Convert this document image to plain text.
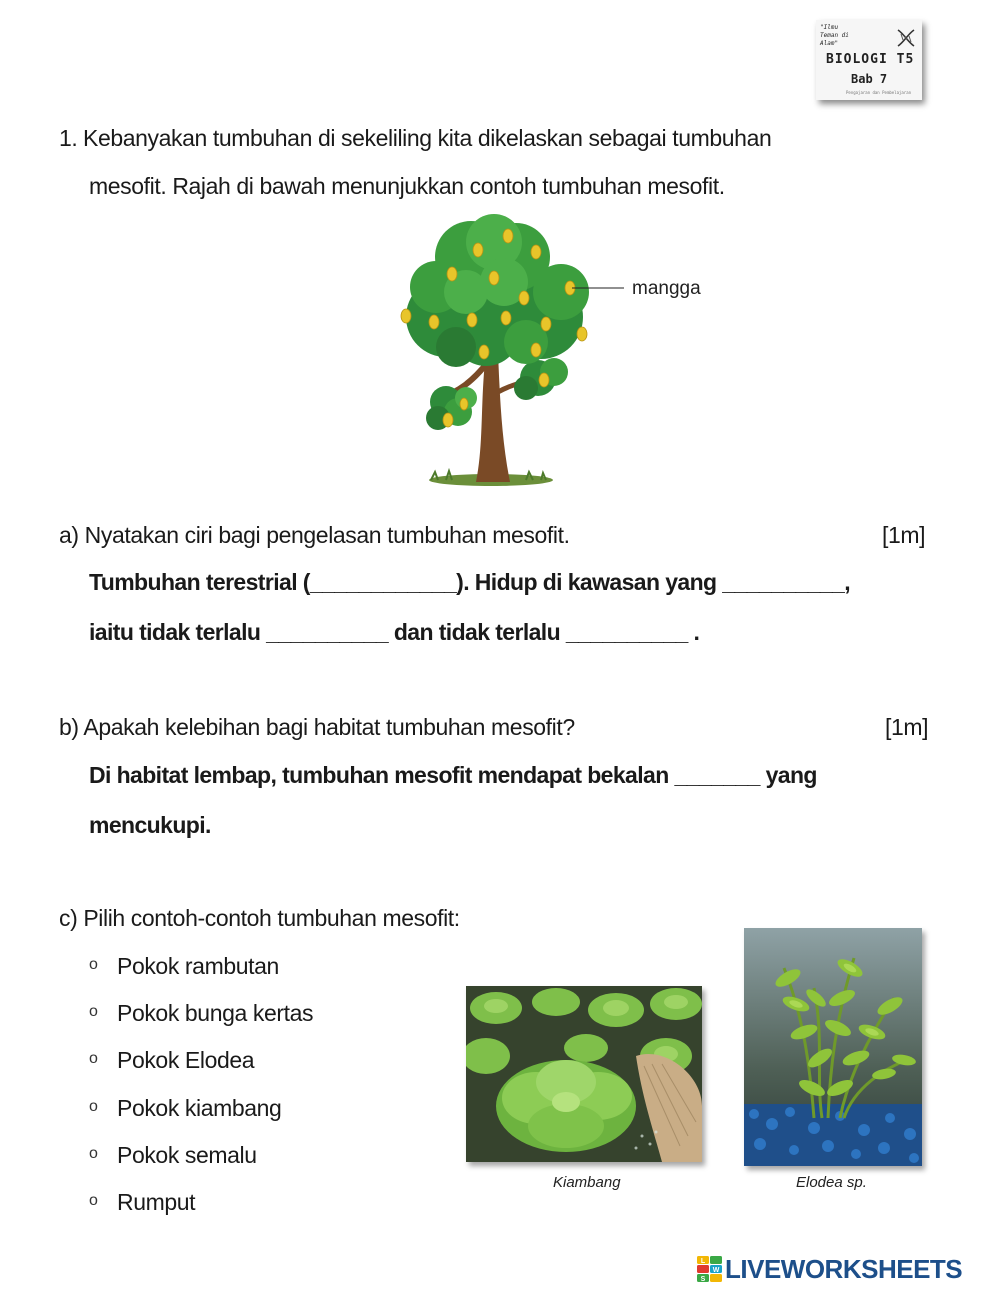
"Ilmu
Teman di
Alam"
BIOLOGI T5
Bab 7
Pengajaran dan Pembelajaran
1. Kebanyakan tumbuhan di sekeliling kita dikelaskan sebagai tumbuhan
mesofit. Rajah di bawah menunjukkan contoh tumbuhan mesofit.
mangga
a) Nyatakan ciri bagi pengelasan tumbuhan mesofit.	[1m]
Tumbuhan terestrial (____________). Hidup di kawasan yang __________,
iaitu tidak terlalu __________ dan tidak terlalu __________ .
b) Apakah kelebihan bagi habitat tumbuhan mesofit?	[1m]
Di habitat lembap, tumbuhan mesofit mendapat bekalan _______ yang
mencukupi.
c) Pilih contoh-contoh tumbuhan mesofit:
o Pokok rambutan
o Pokok bunga kertas
o Pokok Elodea
o Pokok kiambang
o Pokok semalu
o Rumput
Kiambang	Elodea sp.
L
W
S LIVEWORKSHEETS
